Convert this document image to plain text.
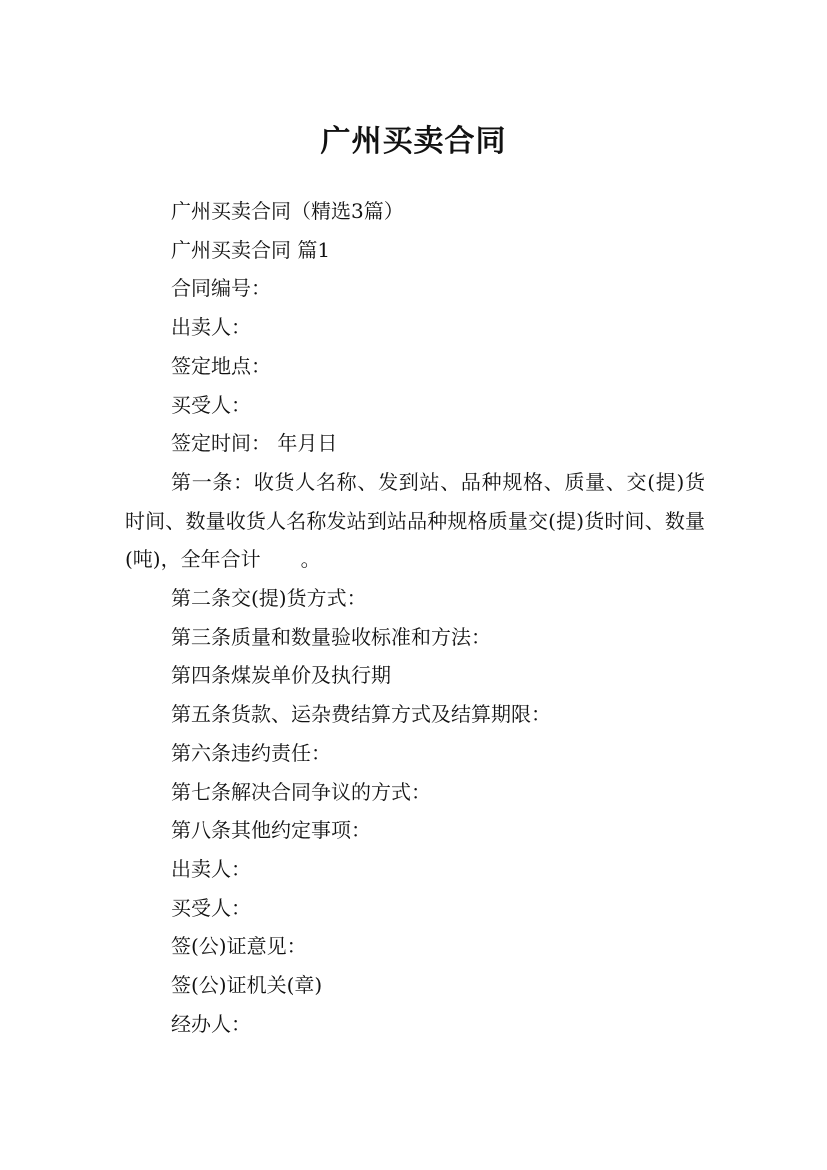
广州买卖合同

广州买卖合同（精选3篇）

广州买卖合同 篇1

合同编号：

出卖人：

签定地点：

买受人：

签定时间： 年月日

第一条：收货人名称、发到站、品种规格、质量、交(提)货时间、数量收货人名称发站到站品种规格质量交(提)货时间、数量(吨)，全年合计　　。

第二条交(提)货方式：

第三条质量和数量验收标准和方法：

第四条煤炭单价及执行期

第五条货款、运杂费结算方式及结算期限：

第六条违约责任：

第七条解决合同争议的方式：

第八条其他约定事项：

出卖人：

买受人：

签(公)证意见：

签(公)证机关(章)

经办人：
